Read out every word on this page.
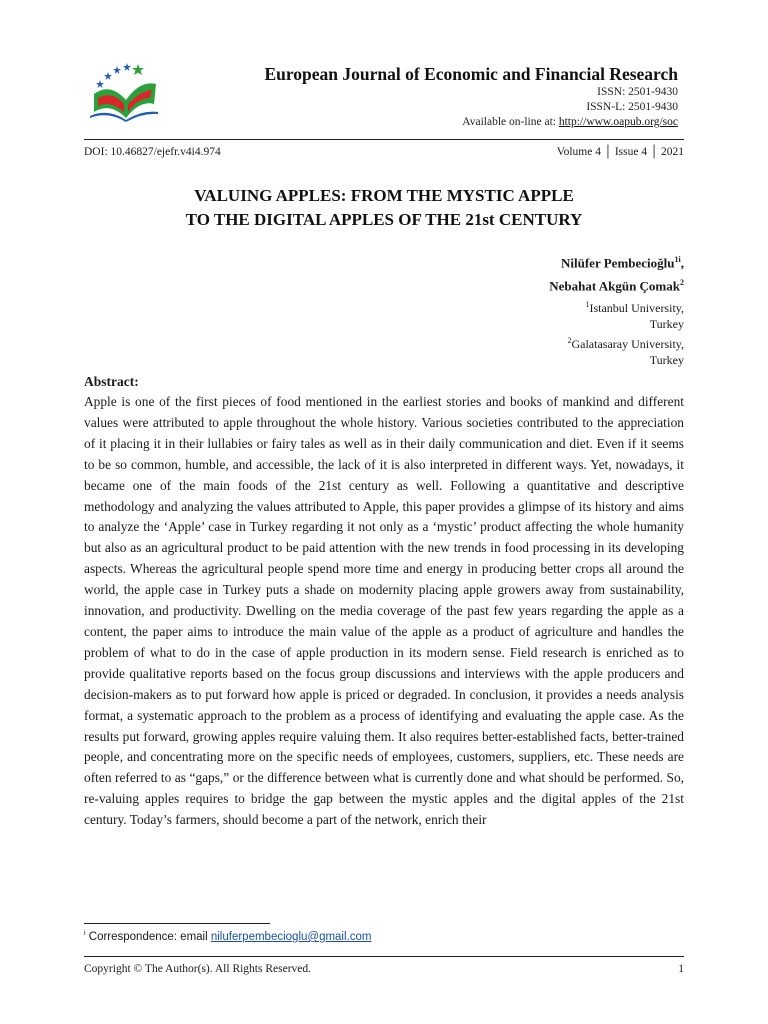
European Journal of Economic and Financial Research
ISSN: 2501-9430
ISSN-L: 2501-9430
Available on-line at: http://www.oapub.org/soc
DOI: 10.46827/ejefr.v4i4.974	Volume 4 │ Issue 4 │ 2021
VALUING APPLES: FROM THE MYSTIC APPLE
TO THE DIGITAL APPLES OF THE 21st CENTURY
Nilüfer Pembecioğlu$^{1i}$,
Nebahat Akgün Çomak$^2$
$^1$Istanbul University,
Turkey
$^2$Galatasaray University,
Turkey
Abstract:
Apple is one of the first pieces of food mentioned in the earliest stories and books of mankind and different values were attributed to apple throughout the whole history. Various societies contributed to the appreciation of it placing it in their lullabies or fairy tales as well as in their daily communication and diet. Even if it seems to be so common, humble, and accessible, the lack of it is also interpreted in different ways. Yet, nowadays, it became one of the main foods of the 21st century as well. Following a quantitative and descriptive methodology and analyzing the values attributed to Apple, this paper provides a glimpse of its history and aims to analyze the ‘Apple’ case in Turkey regarding it not only as a ‘mystic’ product affecting the whole humanity but also as an agricultural product to be paid attention with the new trends in food processing in its developing aspects. Whereas the agricultural people spend more time and energy in producing better crops all around the world, the apple case in Turkey puts a shade on modernity placing apple growers away from sustainability, innovation, and productivity. Dwelling on the media coverage of the past few years regarding the apple as a content, the paper aims to introduce the main value of the apple as a product of agriculture and handles the problem of what to do in the case of apple production in its modern sense. Field research is enriched as to provide qualitative reports based on the focus group discussions and interviews with the apple producers and decision-makers as to put forward how apple is priced or degraded. In conclusion, it provides a needs analysis format, a systematic approach to the problem as a process of identifying and evaluating the apple case. As the results put forward, growing apples require valuing them. It also requires better-established facts, better-trained people, and concentrating more on the specific needs of employees, customers, suppliers, etc. These needs are often referred to as “gaps,” or the difference between what is currently done and what should be performed. So, re-valuing apples requires to bridge the gap between the mystic apples and the digital apples of the 21st century. Today’s farmers, should become a part of the network, enrich their
$^i$ Correspondence: email niluferpembecioglu@gmail.com
Copyright © The Author(s). All Rights Reserved.	1
